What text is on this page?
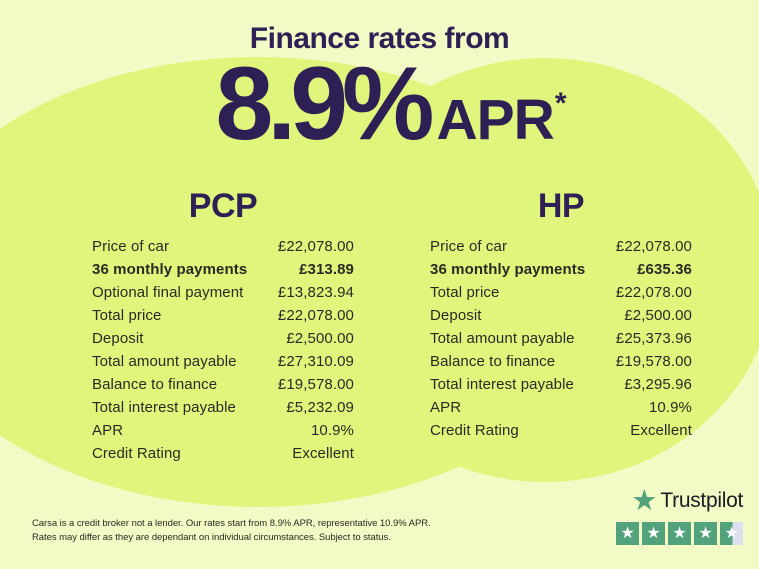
Finance rates from
8.9% APR*
PCP
Price of car	£22,078.00
36 monthly payments	£313.89
Optional final payment £13,823.94
Total price	£22,078.00
Deposit	£2,500.00
Total amount payable	£27,310.09
Balance to finance	£19,578.00
Total interest payable	£5,232.09
APR	10.9%
Credit Rating	Excellent
HP
Price of car	£22,078.00
36 monthly payments	£635.36
Total price	£22,078.00
Deposit	£2,500.00
Total amount payable	£25,373.96
Balance to finance	£19,578.00
Total interest payable	£3,295.96
APR	10.9%
Credit Rating	Excellent
Carsa is a credit broker not a lender. Our rates start from 8.9% APR, representative 10.9% APR.
Rates may differ as they are dependant on individual circumstances. Subject to status.
★ Trustpilot
★ ★ ★ ★ ★
